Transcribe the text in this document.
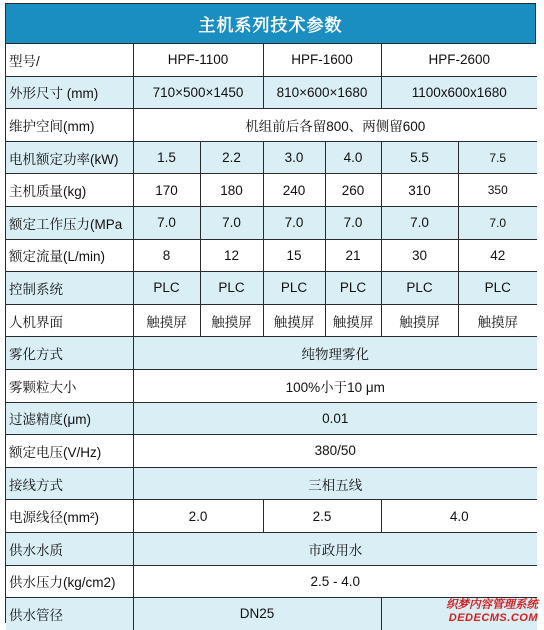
主机系列技术参数
型号/	HPF-1100		HPF-1600		HPF-2600	
外形尺寸 (mm)	710×500×1450		810×600×1680		1100x600x1680	
维护空间(mm)	机组前后各留800、两侧留600					
电机额定功率(kW)	1.5	2.2	3.0	4.0	5.5	7.5
主机质量(kg)	170	180	240	260	310	350
额定工作压力(MPa	7.0	7.0	7.0	7.0	7.0	7.0
额定流量(L/min)	8	12	15	21	30	42
控制系统	PLC	PLC	PLC	PLC	PLC	PLC
人机界面	触摸屏	触摸屏	触摸屏	触摸屏	触摸屏	触摸屏
雾化方式	纯物理雾化					
雾颗粒大小	100%小于10 μm					
过滤精度(μm)	0.01					
额定电压(V/Hz)	380/50					
接线方式	三相五线					
电源线径(mm²)	2.0		2.5		4.0	
供水水质	市政用水					
供水压力(kg/cm2)	2.5 - 4.0					
供水管径	DN25					
织梦内容管理系统
DEDECMS.COM
